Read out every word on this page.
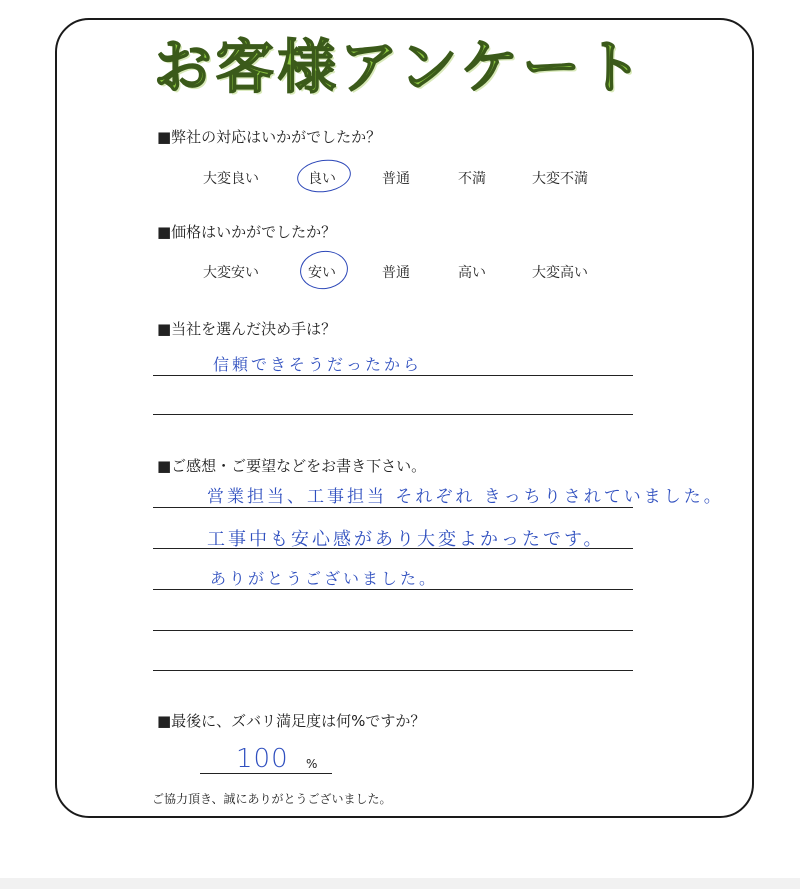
お客様アンケート
■弊社の対応はいかがでしたか？
大変良い	良い	普通	不満	大変不満
■価格はいかがでしたか？
大変安い	安い	普通	高い	大変高い
■当社を選んだ決め手は？
信頼できそうだったから
■ご感想・ご要望などをお書き下さい。
営業担当、工事担当 それぞれ きっちりされていました。
工事中も安心感があり大変よかったです。
ありがとうございました。
■最後に、ズバリ満足度は何%ですか？
100 %
ご協力頂き、誠にありがとうございました。
